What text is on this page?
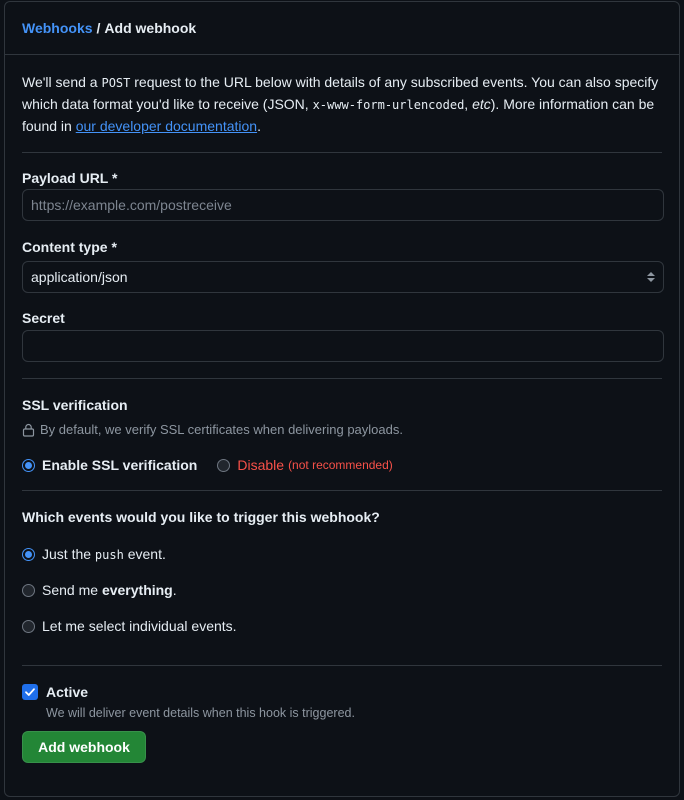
Webhooks / Add webhook
We'll send a POST request to the URL below with details of any subscribed events. You can also specify which data format you'd like to receive (JSON, x-www-form-urlencoded, etc). More information can be found in our developer documentation.
Payload URL *
https://example.com/postreceive
Content type *
application/json
Secret
SSL verification
By default, we verify SSL certificates when delivering payloads.
Enable SSL verification	Disable (not recommended)
Which events would you like to trigger this webhook?
Just the push event.
Send me everything.
Let me select individual events.
Active
We will deliver event details when this hook is triggered.
Add webhook
